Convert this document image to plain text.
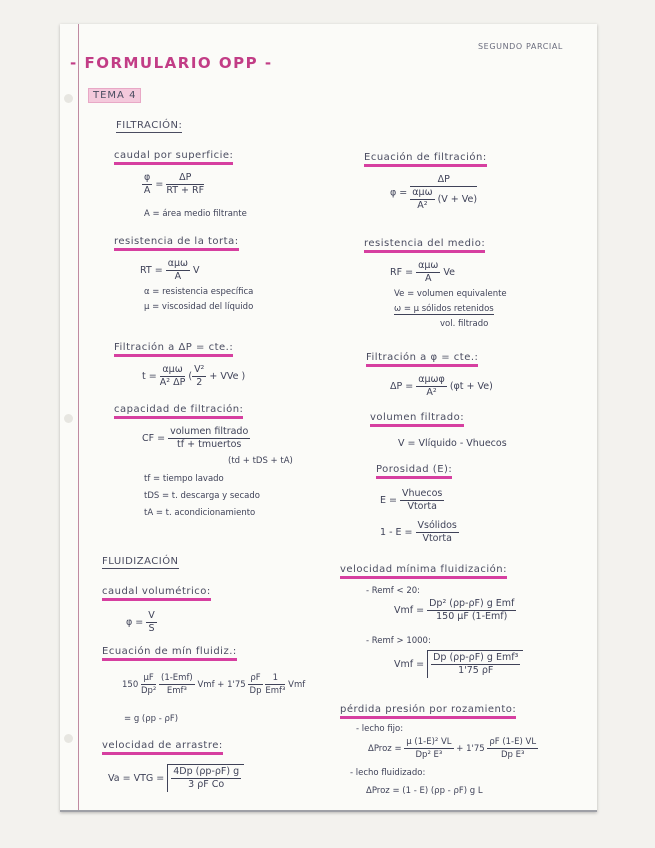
SEGUNDO PARCIAL
- FORMULARIO OPP -
TEMA 4
FILTRACIÓN:
caudal por superficie:
$\frac{\varphi}{A} = \frac{\Delta P}{RT + RF}$
A = área medio filtrante
Ecuación de filtración:
$\varphi = \frac{\Delta P}{\frac{\text{αμω}}{\text{A²}} (V + Ve)}$
resistencia de la torta:
RT = $\frac{\text{αμω}}{A}$ V
α = resistencia específica
μ = viscosidad del líquido
resistencia del medio:
RF = $\frac{\text{αμω}}{A}$ Ve
Ve = volumen equivalente
ω = μ sólidos retenidos
vol. filtrado
Filtración a ΔP = cte.:
$t = \frac{\text{αμω}}{\text{A² ΔP}}$ ( $\frac{\text{V²}}{2}$ + VVe )
Filtración a φ = cte.:
$\Delta P = \frac{\text{αμωφ}}{\text{A²}} (\varphi t + Ve)$
capacidad de filtración:
CF = $\frac{\text{volumen filtrado}}{\text{tf + tmuertos}}$
(td + tDS + tA)
tf = tiempo lavado
tDS = t. descarga y secado
tA = t. acondicionamiento
volumen filtrado:
V = Vlíquido - Vhuecos
Porosidad (E):
$E = \frac{\text{Vhuecos}}{\text{Vtorta}}$
$1 - E = \frac{\text{Vsólidos}}{\text{Vtorta}}$
FLUIDIZACIÓN
caudal volumétrico:
$\varphi = \frac{V}{S}$
velocidad mínima fluidización:
- Remf < 20:
Vmf = $\frac{\text{Dp² (ρp-ρF) g Emf}}{\text{150 μF (1-Emf)}}$
- Remf > 1000:
Vmf = $\frac{\text{Dp (ρp-ρF) g Emf³}}{1'75 \rho F}$
Ecuación de mín fluidiz.:
$150 \frac{\mu F}{\text{Dp²}}$
$\frac{\text{(1-Emf)}}{\text{Emf³}}$ Vmf + $1'75 \frac{\rho F}{Dp}$
$\frac{1}{\text{Emf³}}$ Vmf
= g (ρp - ρF)
pérdida presión por rozamiento:
- lecho fijo:
ΔProz = $\frac{\text{μ (1-E)² VL}}{\text{Dp² E³}} + 1'75 \frac{\rho F (1-E) VL}{\text{Dp E³}}$
- lecho fluidizado:
ΔProz = (1 - E) (ρp - ρF) g L
velocidad de arrastre:
Va = VTG = $\frac{4Dp (\rho p-\rho F) g}{\text{3 ρF Co}}$
